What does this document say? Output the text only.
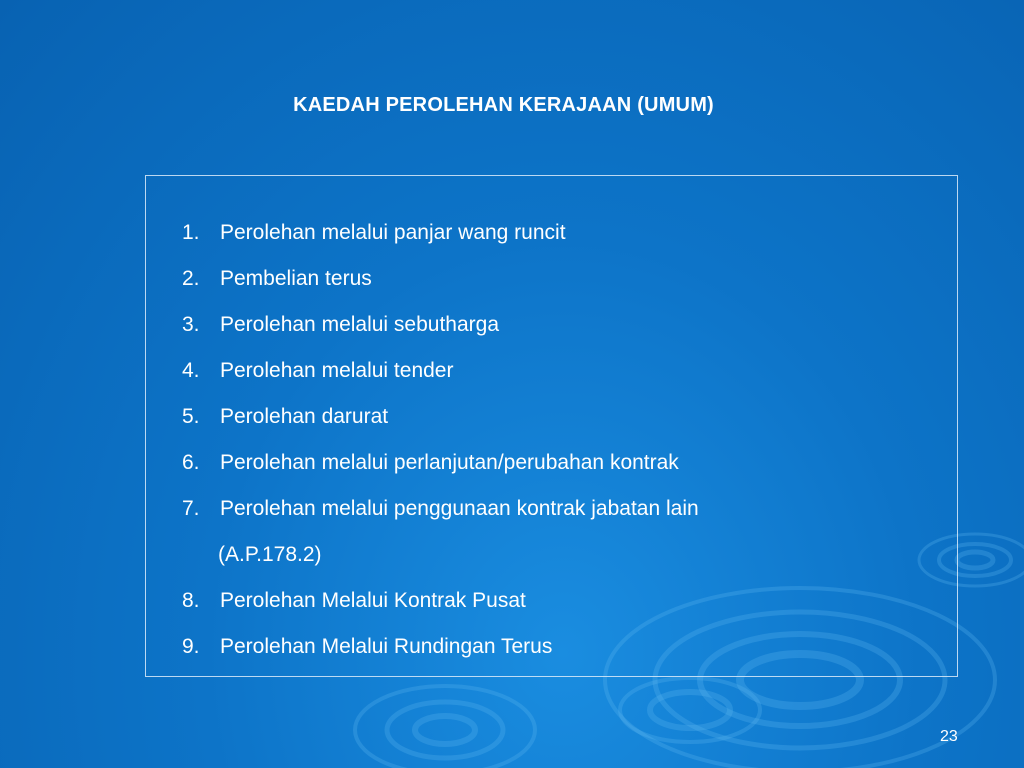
KAEDAH PEROLEHAN KERAJAAN (UMUM)
1. Perolehan melalui panjar wang runcit
2. Pembelian terus
3. Perolehan melalui sebutharga
4. Perolehan melalui tender
5. Perolehan darurat
6. Perolehan melalui perlanjutan/perubahan kontrak
7. Perolehan melalui penggunaan kontrak jabatan lain
(A.P.178.2)
8. Perolehan Melalui Kontrak Pusat
9. Perolehan Melalui Rundingan Terus
23
